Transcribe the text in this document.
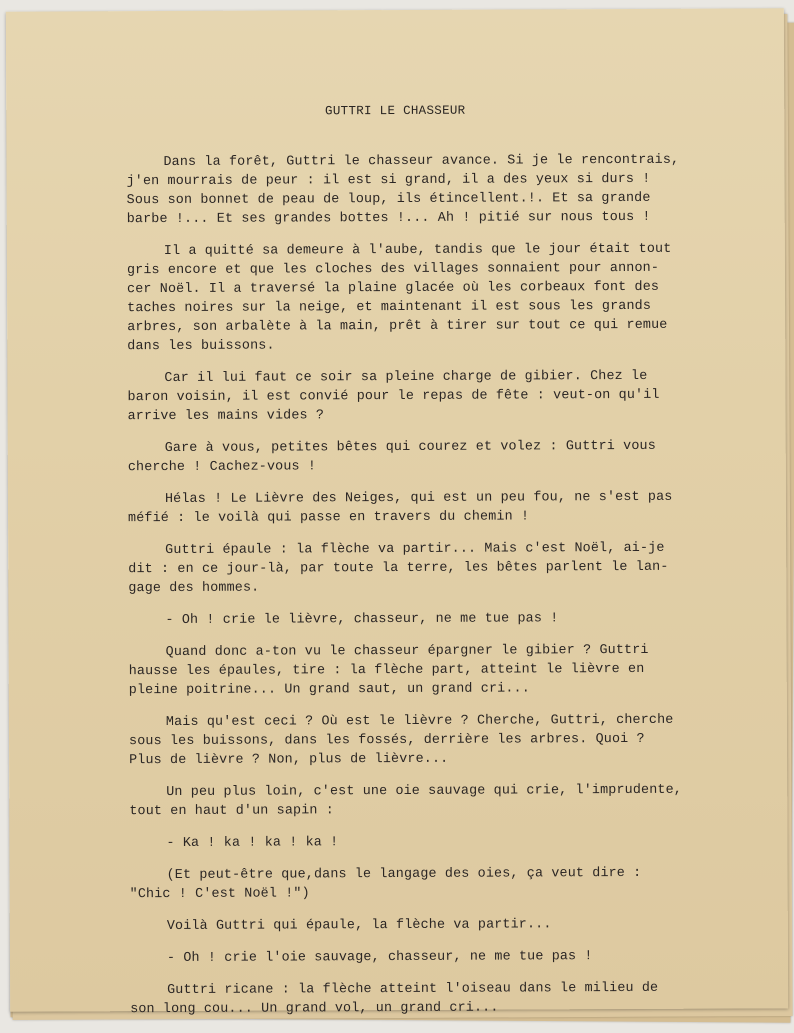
GUTTRI LE CHASSEUR
Dans la forêt, Guttri le chasseur avance. Si je le rencontrais,
j'en mourrais de peur : il est si grand, il a des yeux si durs !
Sous son bonnet de peau de loup, ils étincellent.!. Et sa grande
barbe !... Et ses grandes bottes !... Ah ! pitié sur nous tous !
Il a quitté sa demeure à l'aube, tandis que le jour était tout
gris encore et que les cloches des villages sonnaient pour annon-
cer Noël. Il a traversé la plaine glacée où les corbeaux font des
taches noires sur la neige, et maintenant il est sous les grands
arbres, son arbalète à la main, prêt à tirer sur tout ce qui remue
dans les buissons.
Car il lui faut ce soir sa pleine charge de gibier. Chez le
baron voisin, il est convié pour le repas de fête : veut-on qu'il
arrive les mains vides ?
Gare à vous, petites bêtes qui courez et volez : Guttri vous
cherche ! Cachez-vous !
Hélas ! Le Lièvre des Neiges, qui est un peu fou, ne s'est pas
méfié : le voilà qui passe en travers du chemin !
Guttri épaule : la flèche va partir... Mais c'est Noël, ai-je
dit : en ce jour-là, par toute la terre, les bêtes parlent le lan-
gage des hommes.
- Oh ! crie le lièvre, chasseur, ne me tue pas !
Quand donc a-ton vu le chasseur épargner le gibier ? Guttri
hausse les épaules, tire : la flèche part, atteint le lièvre en
pleine poitrine... Un grand saut, un grand cri...
Mais qu'est ceci ? Où est le lièvre ? Cherche, Guttri, cherche
sous les buissons, dans les fossés, derrière les arbres. Quoi ?
Plus de lièvre ? Non, plus de lièvre...
Un peu plus loin, c'est une oie sauvage qui crie, l'imprudente,
tout en haut d'un sapin :
- Ka ! ka ! ka ! ka !
(Et peut-être que,dans le langage des oies, ça veut dire :
"Chic ! C'est Noël !")
Voilà Guttri qui épaule, la flèche va partir...
- Oh ! crie l'oie sauvage, chasseur, ne me tue pas !
Guttri ricane : la flèche atteint l'oiseau dans le milieu de
son long cou... Un grand vol, un grand cri...
